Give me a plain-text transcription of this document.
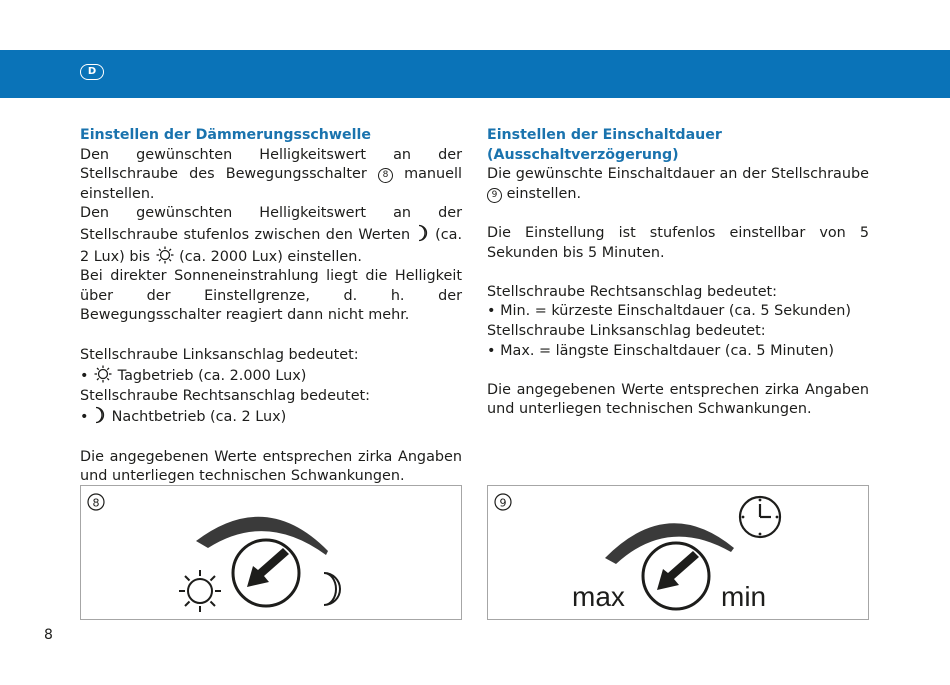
D
Einstellen der Dämmerungsschwelle
Den gewünschten Helligkeitswert an der Stellschraube des Bewegungsschalter 8 manuell einstellen.
Den gewünschten Helligkeitswert an der Stellschraube stufenlos zwischen den Werten (ca. 2 Lux) bis (ca. 2000 Lux) einstellen.
Bei direkter Sonneneinstrahlung liegt die Helligkeit über der Einstellgrenze, d. h. der Bewegungsschalter reagiert dann nicht mehr.
Stellschraube Linksanschlag bedeutet:
• Tagbetrieb (ca. 2.000 Lux)
Stellschraube Rechtsanschlag bedeutet:
• Nachtbetrieb (ca. 2 Lux)
Die angegebenen Werte entsprechen zirka Angaben und unterliegen technischen Schwankungen.
Einstellen der Einschaltdauer (Ausschaltverzögerung)
Die gewünschte Einschaltdauer an der Stellschraube 9 einstellen.
Die Einstellung ist stufenlos einstellbar von 5 Sekunden bis 5 Minuten.
Stellschraube Rechtsanschlag bedeutet:
• Min. = kürzeste Einschaltdauer (ca. 5 Sekunden)
Stellschraube Linksanschlag bedeutet:
• Max. = längste Einschaltdauer (ca. 5 Minuten)
Die angegebenen Werte entsprechen zirka Angaben und unterliegen technischen Schwankungen.
8	9
max	min
8
